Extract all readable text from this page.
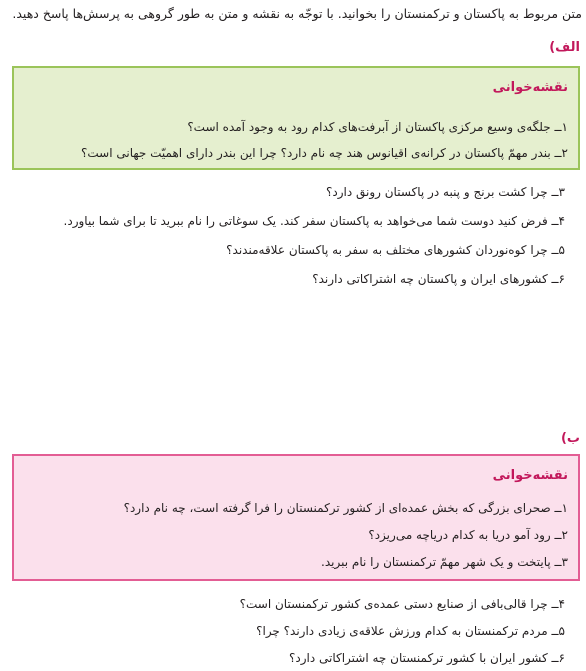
متن مربوط به پاکستان و ترکمنستان را بخوانید. با توجّه به نقشه و متن به طور گروهی به پرسش‌ها پاسخ دهید.
الف)
نقشه‌خوانی
۱ــ جلگه‌ی وسیع مرکزی پاکستان از آبرفت‌های کدام رود به وجود آمده است؟
۲ــ بندر مهمّ پاکستان در کرانه‌ی اقیانوس هند چه نام دارد؟ چرا این بندر دارای اهمیّت جهانی است؟
۳ــ چرا کشت برنج و پنبه در پاکستان رونق دارد؟
۴ــ فرض کنید دوست شما می‌خواهد به پاکستان سفر کند. یک سوغاتی را نام ببرید تا برای شما بیاورد.
۵ــ چرا کوه‌نوردان کشورهای مختلف به سفر به پاکستان علاقه‌مندند؟
۶ــ کشورهای ایران و پاکستان چه اشتراکاتی دارند؟
ب)
نقشه‌خوانی
۱ــ صحرای بزرگی که بخش عمده‌ای از کشور ترکمنستان را فرا گرفته است، چه نام دارد؟
۲ــ رود آمو دریا به کدام دریاچه می‌ریزد؟
۳ــ پایتخت و یک شهر مهمّ ترکمنستان را نام ببرید.
۴ــ چرا قالی‌بافی از صنایع دستی عمده‌ی کشور ترکمنستان است؟
۵ــ مردم ترکمنستان به کدام ورزش علاقه‌ی زیادی دارند؟ چرا؟
۶ــ کشور ایران با کشور ترکمنستان چه اشتراکاتی دارد؟
